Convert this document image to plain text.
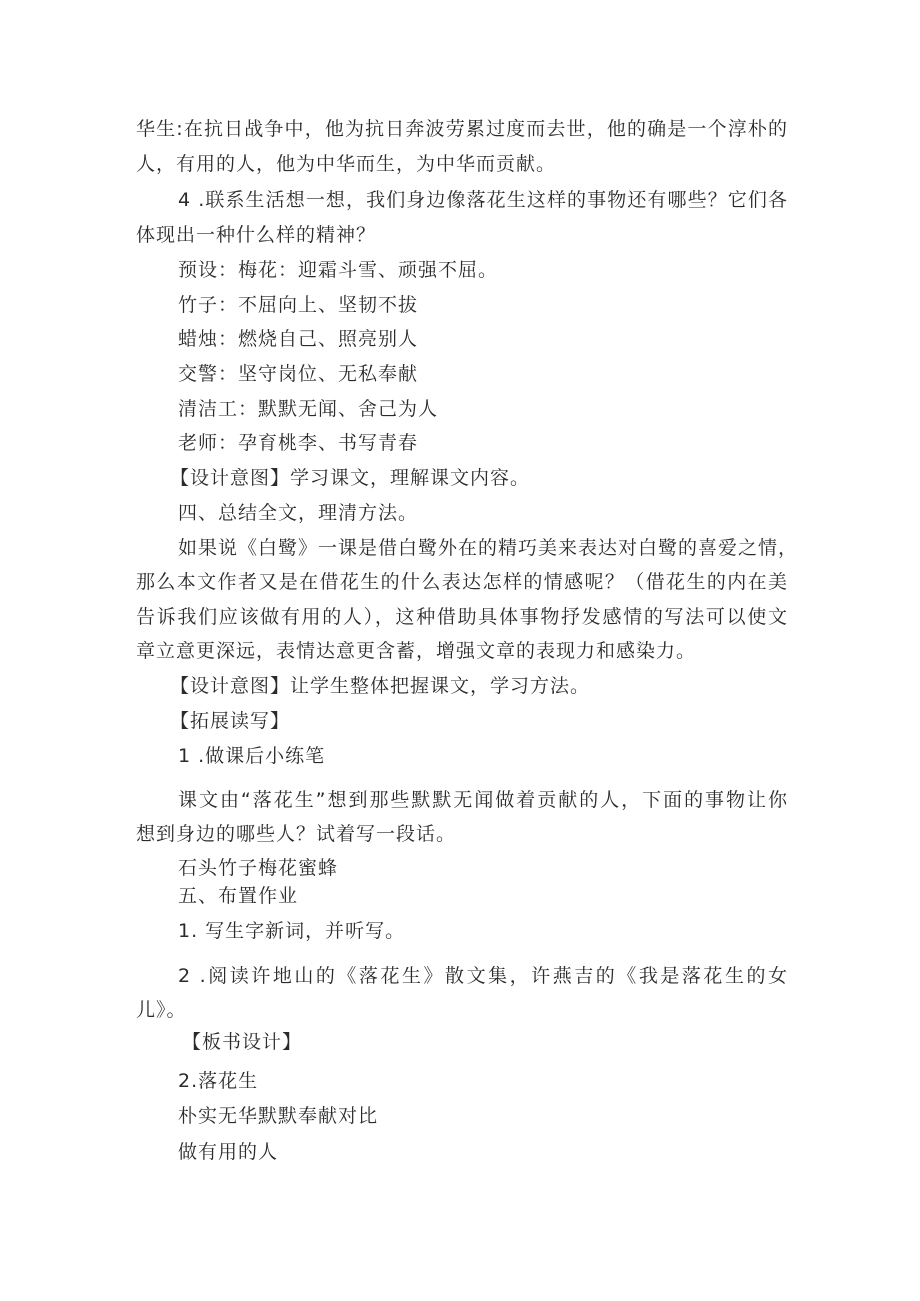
华生:在抗日战争中，他为抗日奔波劳累过度而去世，他的确是一个淳朴的
人，有用的人，他为中华而生，为中华而贡献。
4 .联系生活想一想，我们身边像落花生这样的事物还有哪些？它们各
体现出一种什么样的精神？
预设：梅花：迎霜斗雪、顽强不屈。
竹子：不屈向上、坚韧不拔
蜡烛：燃烧自己、照亮别人
交警：坚守岗位、无私奉献
清洁工：默默无闻、舍己为人
老师：孕育桃李、书写青春
【设计意图】学习课文，理解课文内容。
四、总结全文，理清方法。
如果说《白鹭》一课是借白鹭外在的精巧美来表达对白鹭的喜爱之情，
那么本文作者又是在借花生的什么表达怎样的情感呢？（借花生的内在美
告诉我们应该做有用的人），这种借助具体事物抒发感情的写法可以使文
章立意更深远，表情达意更含蓄，增强文章的表现力和感染力。
【设计意图】让学生整体把握课文，学习方法。
【拓展读写】
1 .做课后小练笔
课文由“落花生”想到那些默默无闻做着贡献的人，下面的事物让你
想到身边的哪些人？试着写一段话。
石头竹子梅花蜜蜂
五、布置作业
1. 写生字新词，并听写。
2 .阅读许地山的《落花生》散文集，许燕吉的《我是落花生的女
儿》。
【板书设计】
2.落花生
朴实无华默默奉献对比
做有用的人
